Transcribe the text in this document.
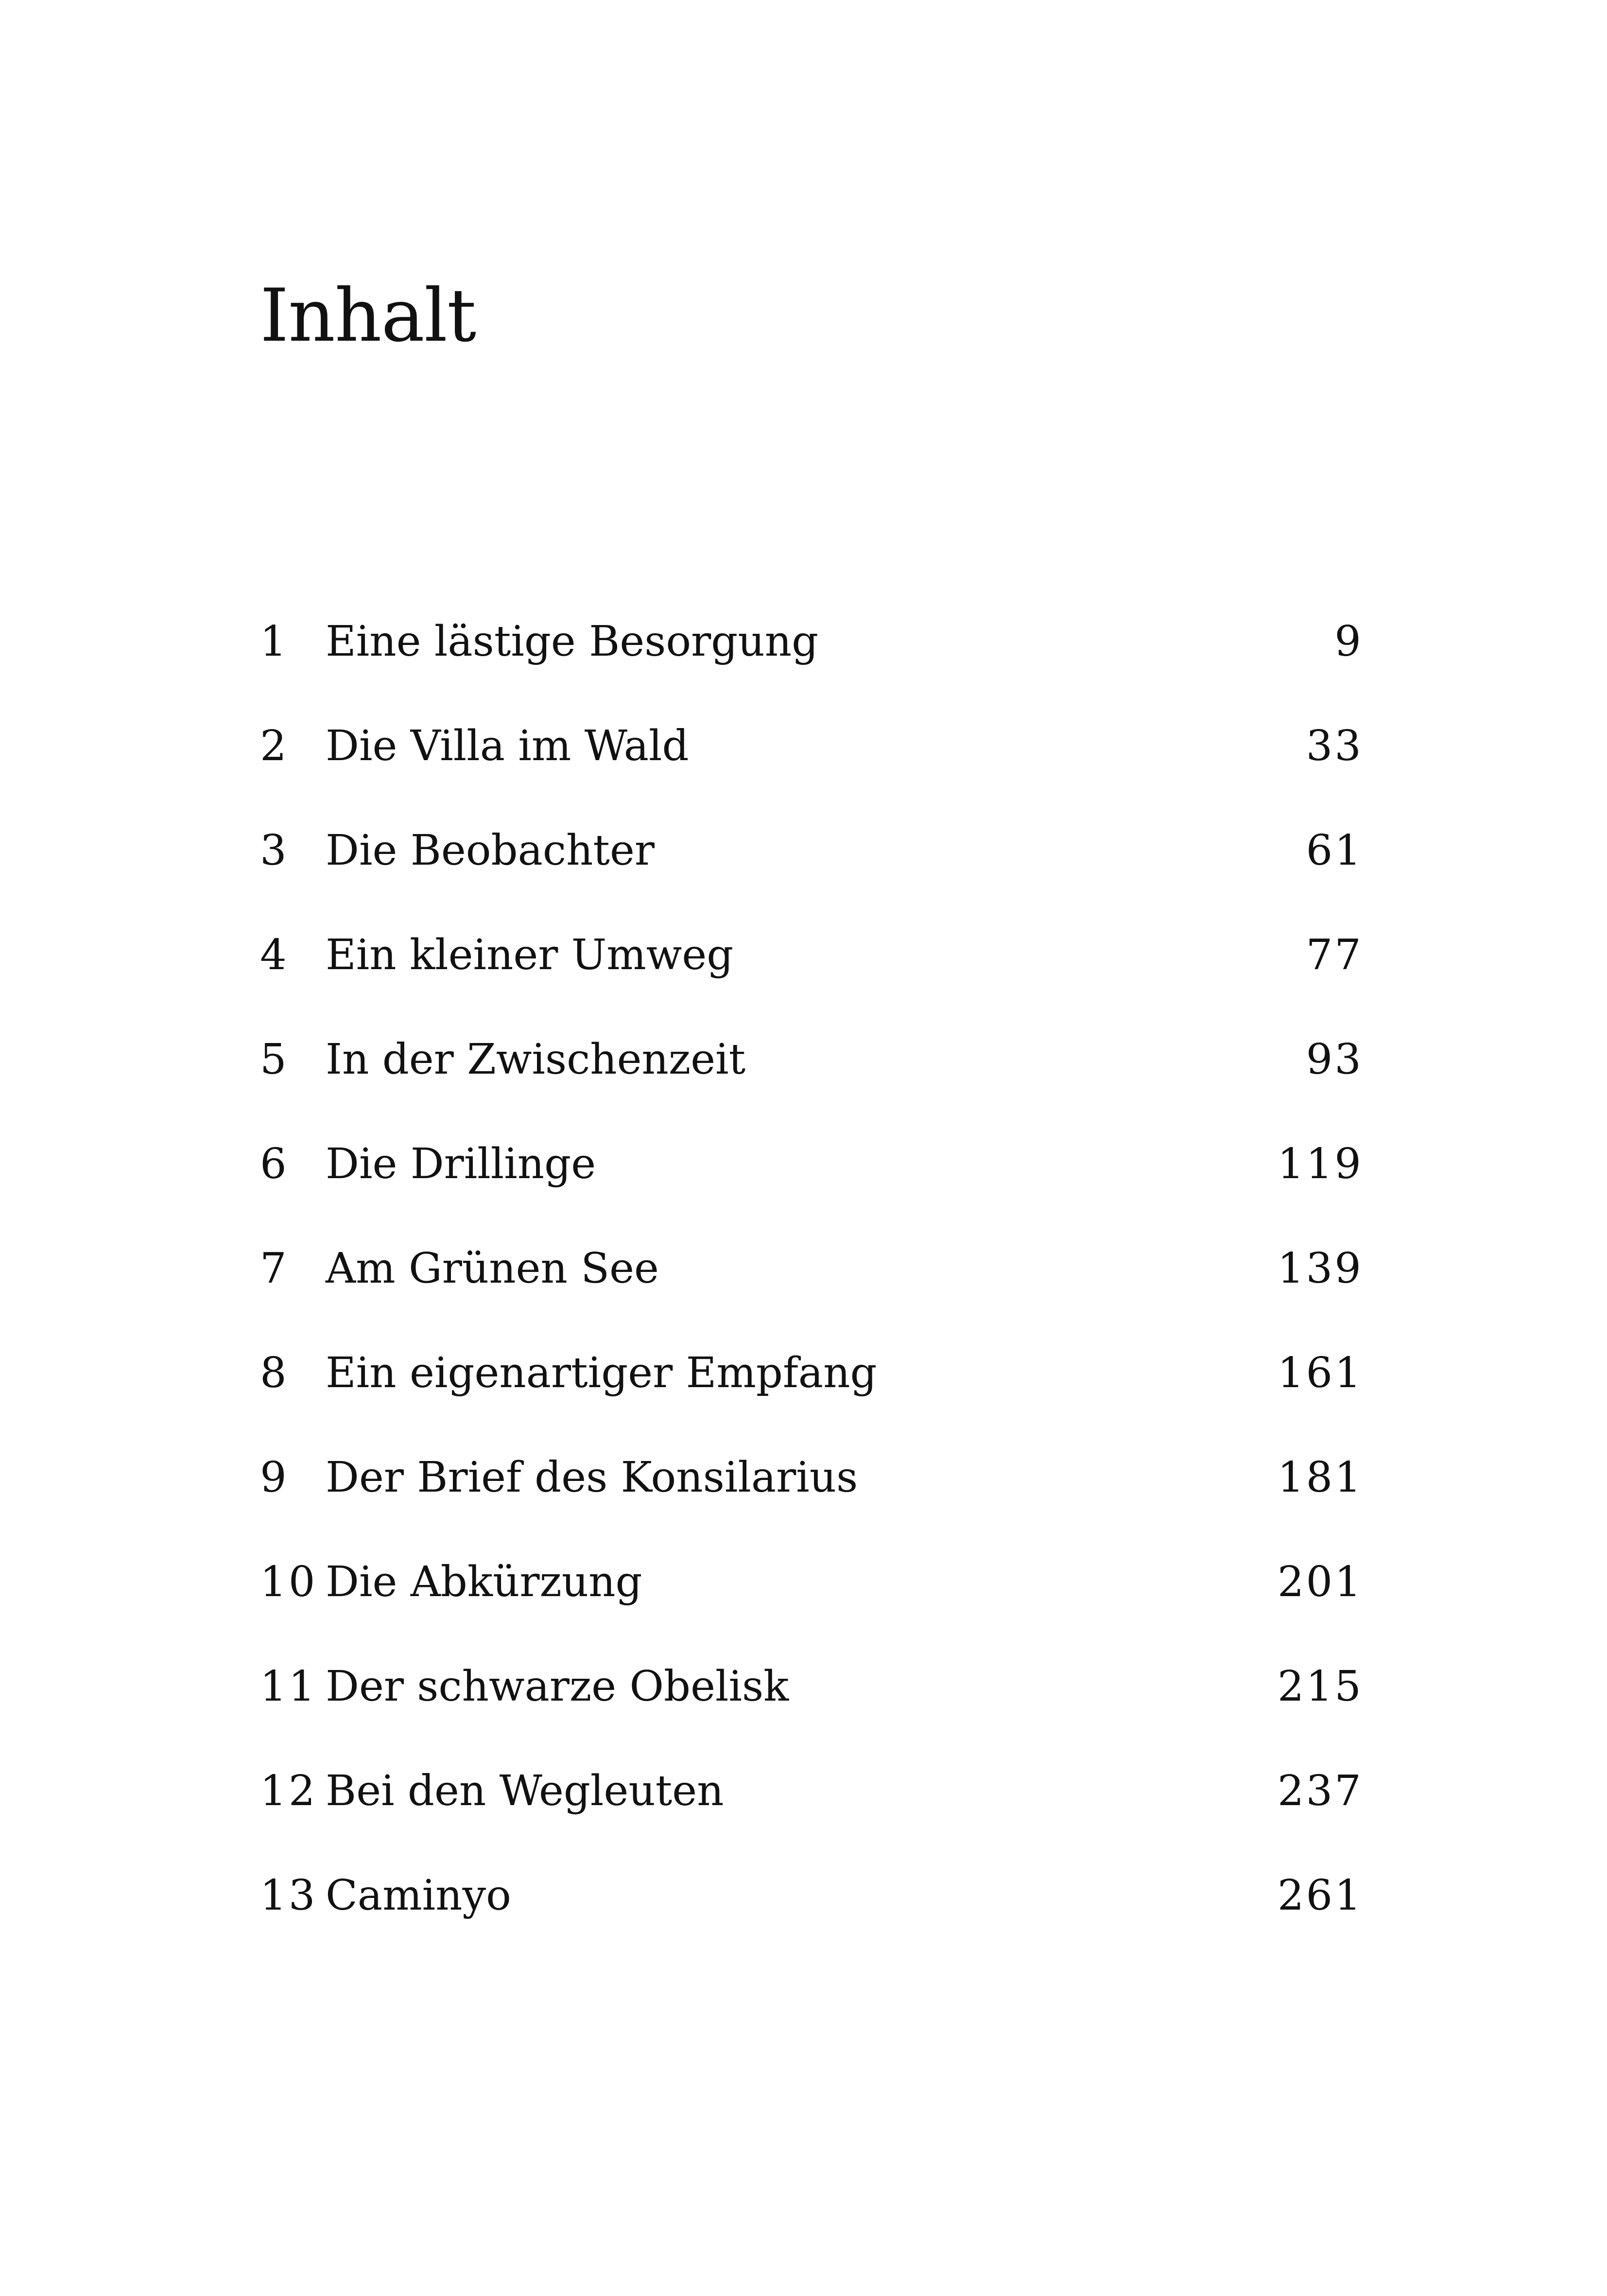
Inhalt
1 Eine lästige Besorgung	9
2 Die Villa im Wald	33
3 Die Beobachter	61
4 Ein kleiner Umweg	77
5 In der Zwischenzeit	93
6 Die Drillinge	119
7 Am Grünen See	139
8 Ein eigenartiger Empfang	161
9 Der Brief des Konsilarius	181
10 Die Abkürzung	201
11 Der schwarze Obelisk	215
12 Bei den Wegleuten	237
13 Caminyo	261
